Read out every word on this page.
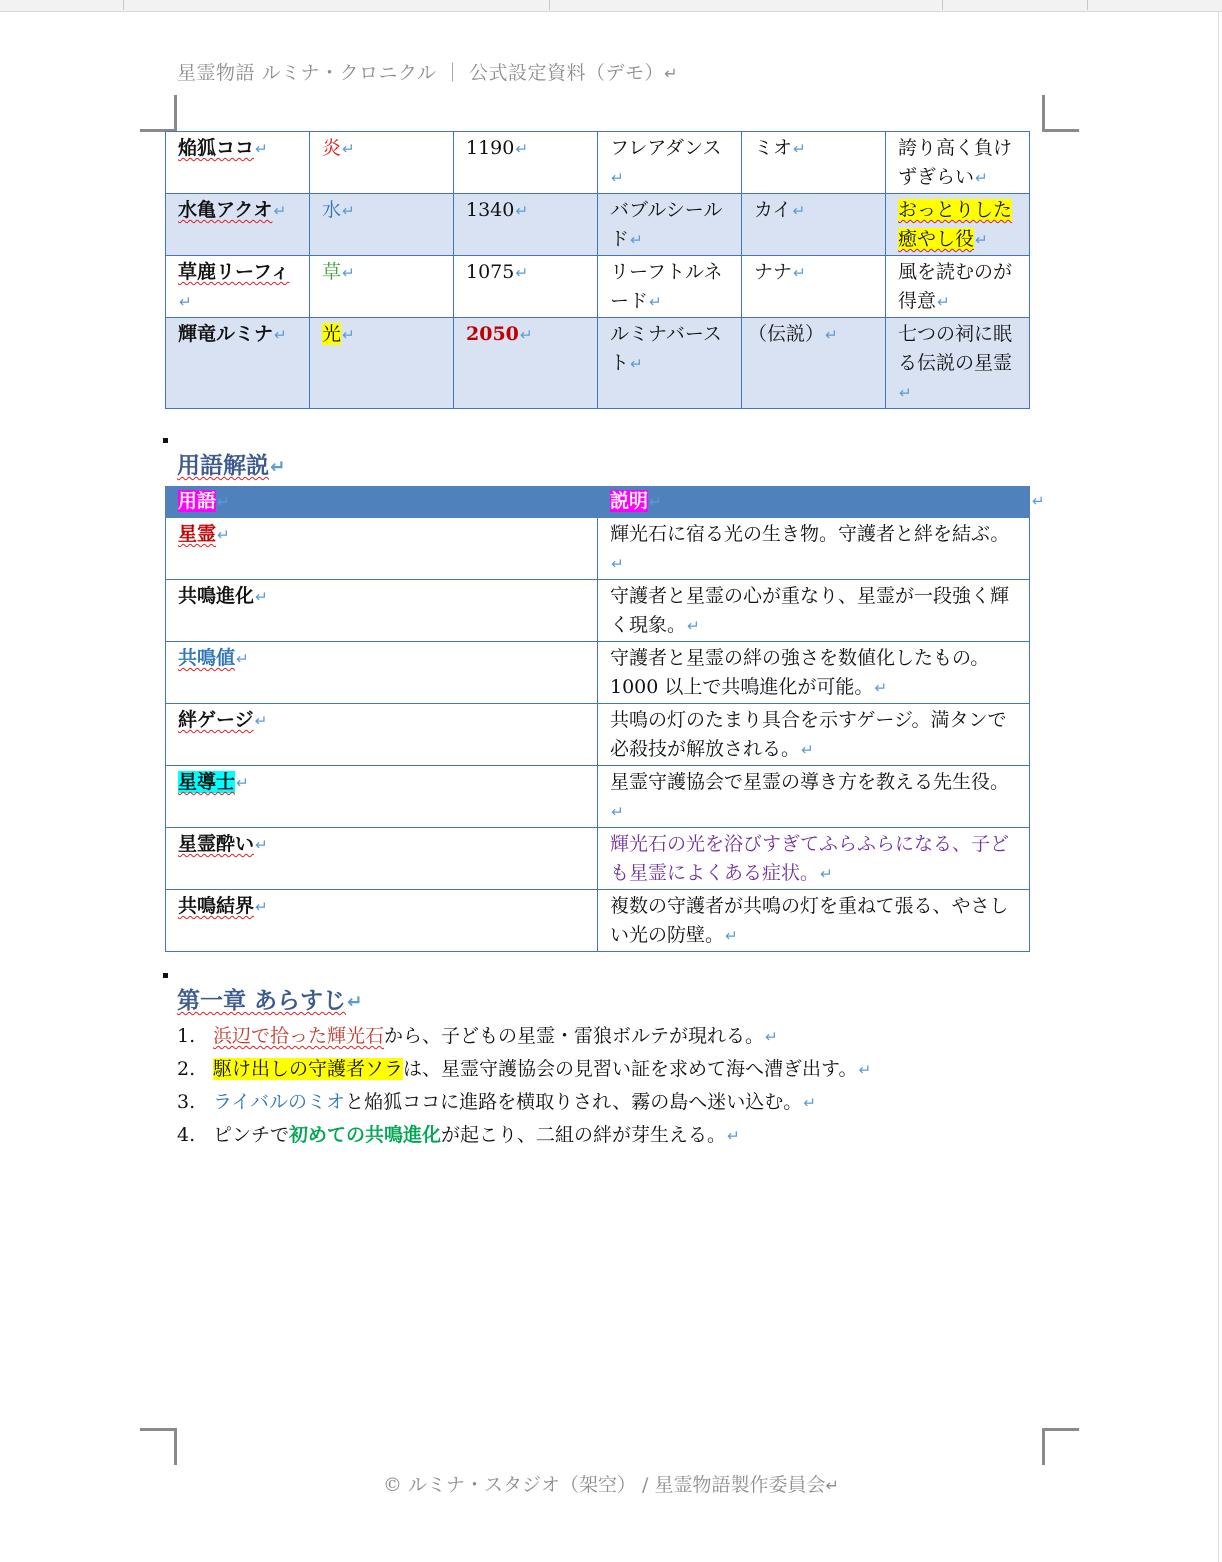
星霊物語 ルミナ・クロニクル ｜ 公式設定資料（デモ）↵
焔狐ココ↵	炎↵	1190↵	フレアダンス↵	ミオ↵	誇り高く負けずぎらい↵
水亀アクオ↵	水↵	1340↵	バブルシールド↵	カイ↵	おっとりした癒やし役↵
草鹿リーフィ↵	草↵	1075↵	リーフトルネード↵	ナナ↵	風を読むのが得意↵
輝竜ルミナ↵	光↵	2050↵	ルミナバースト↵	（伝説）↵	七つの祠に眠る伝説の星霊↵
用語解説↵
用語↵	説明↵
星霊↵	輝光石に宿る光の生き物。守護者と絆を結ぶ。↵
共鳴進化↵	守護者と星霊の心が重なり、星霊が一段強く輝く現象。↵
共鳴値↵	守護者と星霊の絆の強さを数値化したもの。1000 以上で共鳴進化が可能。↵
絆ゲージ↵	共鳴の灯のたまり具合を示すゲージ。満タンで必殺技が解放される。↵
星導士↵	星霊守護協会で星霊の導き方を教える先生役。↵
星霊酔い↵	輝光石の光を浴びすぎてふらふらになる、子ども星霊によくある症状。↵
共鳴結界↵	複数の守護者が共鳴の灯を重ねて張る、やさしい光の防壁。↵
↵
第一章 あらすじ↵
1. 浜辺で拾った輝光石から、子どもの星霊・雷狼ボルテが現れる。↵
2. 駆け出しの守護者ソラは、星霊守護協会の見習い証を求めて海へ漕ぎ出す。↵
3. ライバルのミオと焔狐ココに進路を横取りされ、霧の島へ迷い込む。↵
4. ピンチで初めての共鳴進化が起こり、二組の絆が芽生える。↵
© ルミナ・スタジオ（架空） / 星霊物語製作委員会↵
